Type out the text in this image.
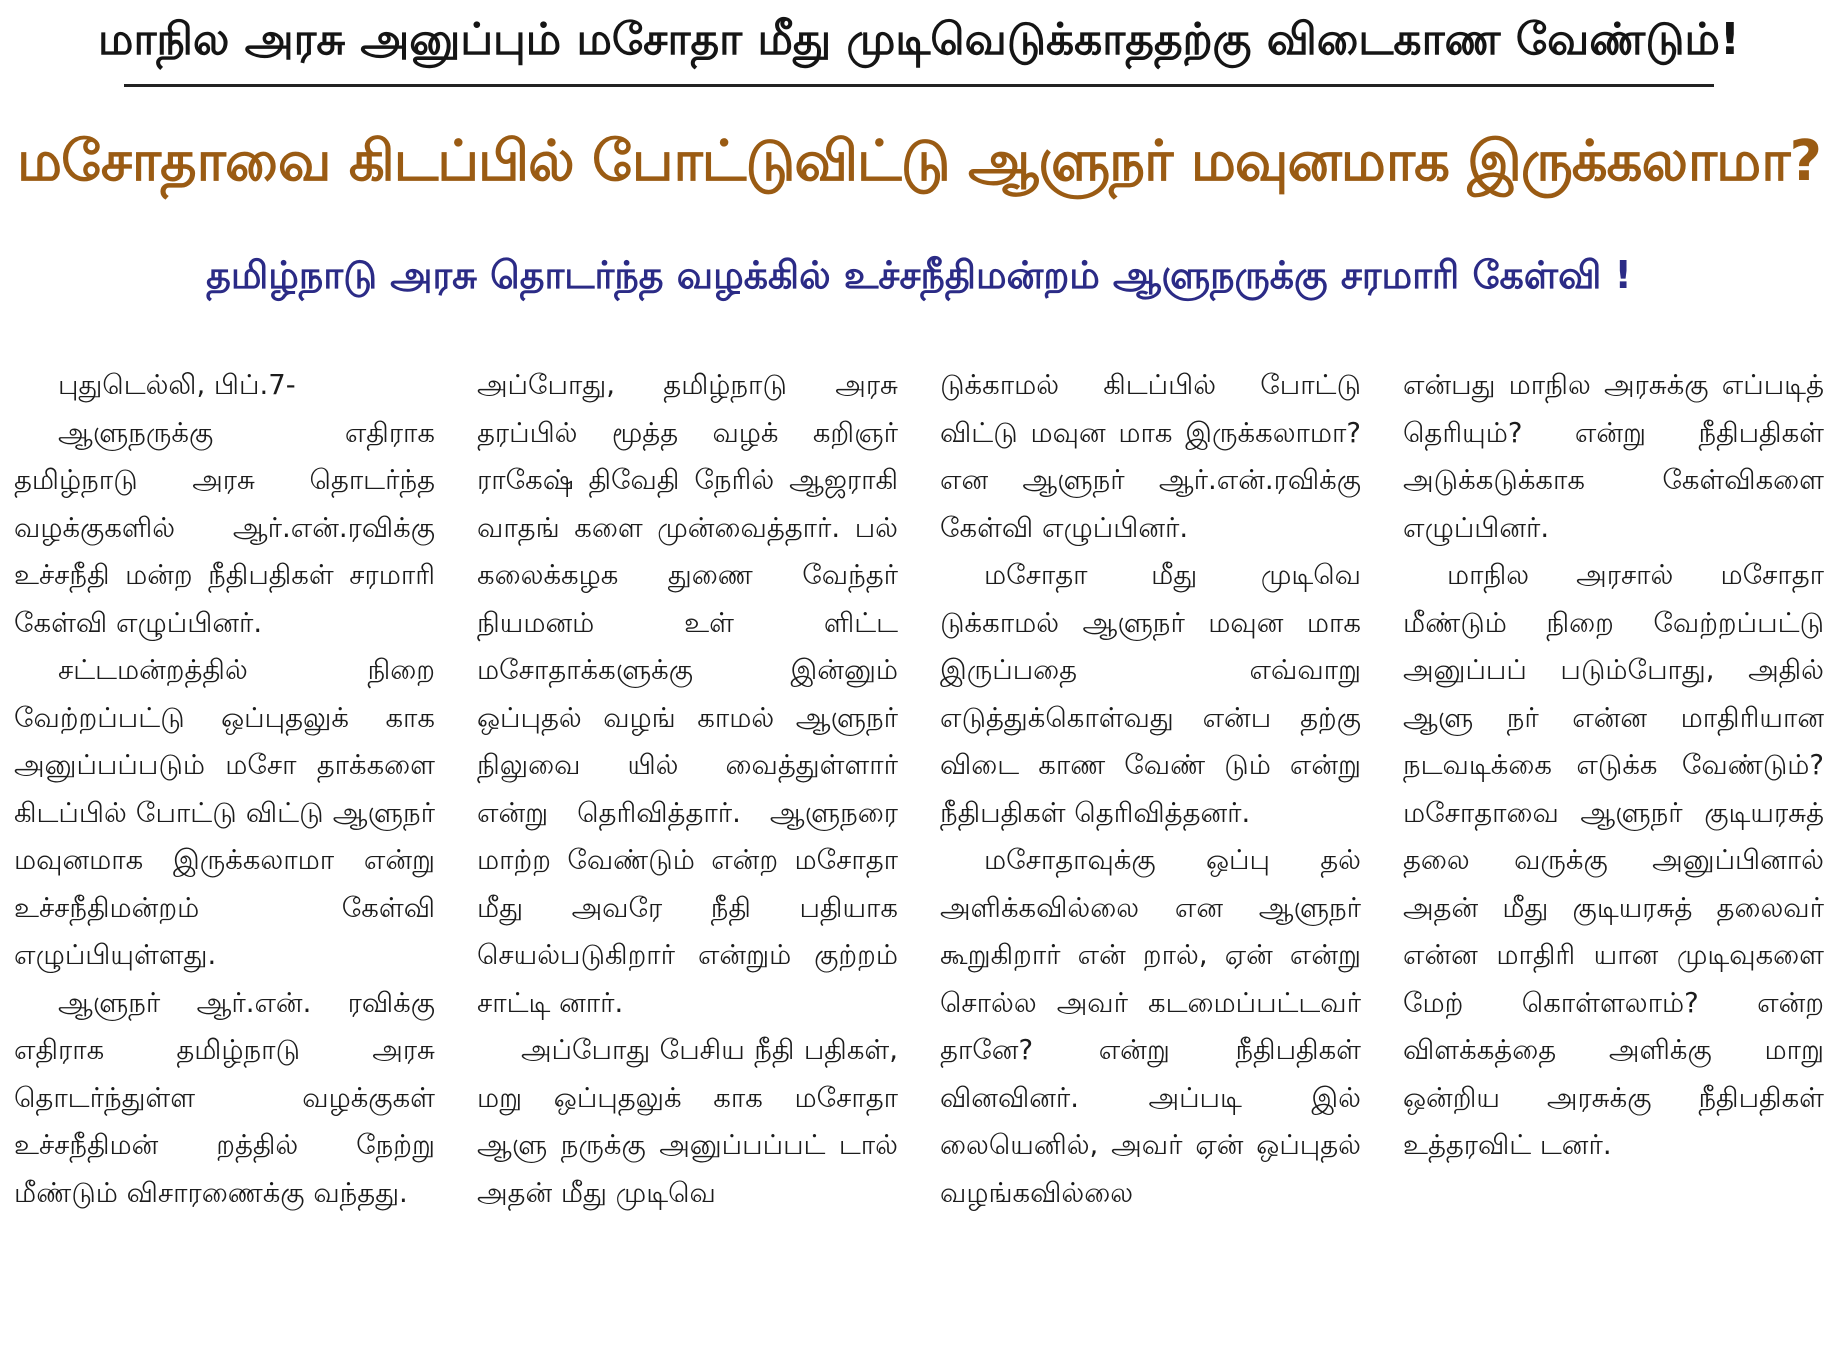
மாநில அரசு அனுப்பும் மசோதா மீது முடிவெடுக்காததற்கு விடைகாண வேண்டும்!
மசோதாவை கிடப்பில் போட்டுவிட்டு ஆளுநர் மவுனமாக இருக்கலாமா?
தமிழ்நாடு அரசு தொடர்ந்த வழக்கில் உச்சநீதிமன்றம் ஆளுநருக்கு சரமாரி கேள்வி !

புதுடெல்லி, பிப்.7-

ஆளுநருக்கு எதிராக தமிழ்நாடு அரசு தொடர்ந்த வழக்குகளில் ஆர்.என்.ரவிக்கு உச்சநீதி மன்ற நீதிபதிகள் சரமாரி கேள்வி எழுப்பினர்.

சட்டமன்றத்தில் நிறை வேற்றப்பட்டு ஒப்புதலுக் காக அனுப்பப்படும் மசோ தாக்களை கிடப்பில் போட்டு விட்டு ஆளுநர் மவுனமாக இருக்கலாமா என்று உச்சநீதிமன்றம் கேள்வி எழுப்பியுள்ளது.

ஆளுநர் ஆர்.என். ரவிக்கு எதிராக தமிழ்நாடு அரசு தொடர்ந்துள்ள வழக்குகள் உச்சநீதிமன் றத்தில் நேற்று மீண்டும் விசாரணைக்கு வந்தது.

அப்போது, தமிழ்நாடு அரசு தரப்பில் மூத்த வழக் கறிஞர் ராகேஷ் திவேதி நேரில் ஆஜராகி வாதங் களை முன்வைத்தார். பல் கலைக்கழக துணை வேந்தர் நியமனம் உள் ளிட்ட மசோதாக்களுக்கு இன்னும் ஒப்புதல் வழங் காமல் ஆளுநர் நிலுவை யில் வைத்துள்ளார் என்று தெரிவித்தார். ஆளுநரை மாற்ற வேண்டும் என்ற மசோதா மீது அவரே நீதி பதியாக செயல்படுகிறார் என்றும் குற்றம் சாட்டி னார்.

அப்போது பேசிய நீதி பதிகள், மறு ஒப்புதலுக் காக மசோதா ஆளு நருக்கு அனுப்பப்பட் டால் அதன் மீது முடிவெ

டுக்காமல் கிடப்பில் போட்டு விட்டு மவுன மாக இருக்கலாமா? என ஆளுநர் ஆர்.என்.ரவிக்கு கேள்வி எழுப்பினர்.

மசோதா மீது முடிவெ டுக்காமல் ஆளுநர் மவுன மாக இருப்பதை எவ்வாறு எடுத்துக்கொள்வது என்ப தற்கு விடை காண வேண் டும் என்று நீதிபதிகள் தெரிவித்தனர்.

மசோதாவுக்கு ஒப்பு தல் அளிக்கவில்லை என ஆளுநர் கூறுகிறார் என் றால், ஏன் என்று சொல்ல அவர் கடமைப்பட்டவர் தானே? என்று நீதிபதிகள் வினவினர். அப்படி இல் லையெனில், அவர் ஏன் ஒப்புதல் வழங்கவில்லை

என்பது மாநில அரசுக்கு எப்படித் தெரியும்? என்று நீதிபதிகள் அடுக்கடுக்காக கேள்விகளை எழுப்பினர்.

மாநில அரசால் மசோதா மீண்டும் நிறை வேற்றப்பட்டு அனுப்பப் படும்போது, அதில் ஆளு நர் என்ன மாதிரியான நடவடிக்கை எடுக்க வேண்டும்? மசோதாவை ஆளுநர் குடியரசுத் தலை வருக்கு அனுப்பினால் அதன் மீது குடியரசுத் தலைவர் என்ன மாதிரி யான முடிவுகளை மேற் கொள்ளலாம்? என்ற விளக்கத்தை அளிக்கு மாறு ஒன்றிய அரசுக்கு நீதிபதிகள் உத்தரவிட் டனர்.
